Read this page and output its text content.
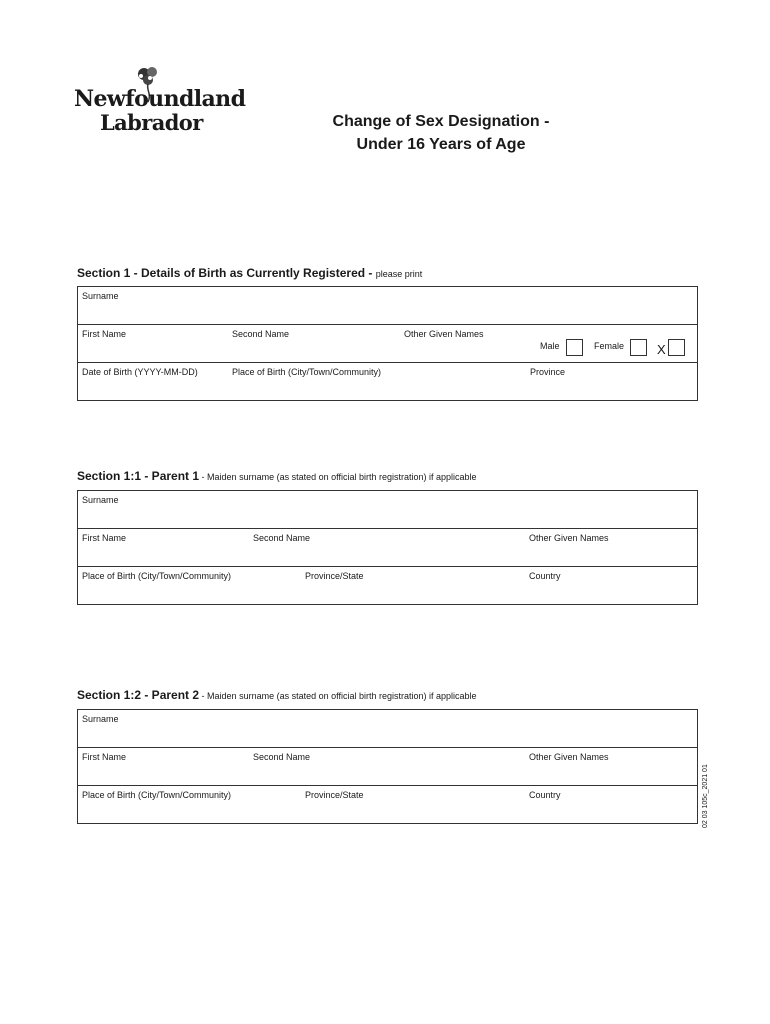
Newfoundland
Labrador	Change of Sex Designation -
Under 16 Years of Age
Section 1 - Details of Birth as Currently Registered - please print
Surname
First Name	Second Name	Other Given Names
Male	Female	X
Date of Birth (YYYY-MM-DD)	Place of Birth (City/Town/Community)	Province
Section 1:1 - Parent 1 - Maiden surname (as stated on official birth registration) if applicable
Surname
First Name	Second Name	Other Given Names
Place of Birth (City/Town/Community)	Province/State	Country
Section 1:2 - Parent 2 - Maiden surname (as stated on official birth registration) if applicable
Surname
First Name	Second Name	Other Given Names
Place of Birth (City/Town/Community)	Province/State	Country	02 03 105c_2021 01
